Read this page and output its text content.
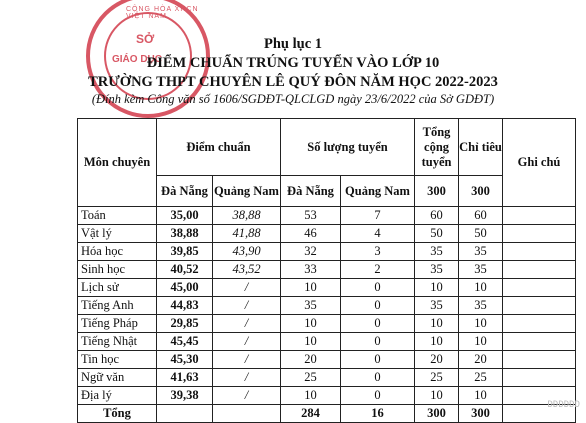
CỘNG HÒA XHCN VIỆT NAM
SỞ
GIÁO DỤC
Phụ lục 1
ĐIỂM CHUẨN TRÚNG TUYỂN VÀO LỚP 10
TRƯỜNG THPT CHUYÊN LÊ QUÝ ĐÔN NĂM HỌC 2022-2023
(Đính kèm Công văn số 1606/SGDĐT-QLCLGD ngày 23/6/2022 của Sở GDĐT)
Môn chuyên	Điểm chuẩn		Số lượng tuyển		Tổng cộng tuyển	Chỉ tiêu	Ghi chú
	Đà Nẵng	Quảng Nam	Đà Nẵng	Quảng Nam	300	300	
Toán	35,00	38,88	53	7	60	60	
Vật lý	38,88	41,88	46	4	50	50	
Hóa học	39,85	43,90	32	3	35	35	
Sinh học	40,52	43,52	33	2	35	35	
Lịch sử	45,00	/	10	0	10	10	
Tiếng Anh	44,83	/	35	0	35	35	
Tiếng Pháp	29,85	/	10	0	10	10	
Tiếng Nhật	45,45	/	10	0	10	10	
Tin học	45,30	/	20	0	20	20	
Ngữ văn	41,63	/	25	0	25	25	
Địa lý	39,38	/	10	0	10	10	
Tổng			284	16	300	300	
DDDDDD
